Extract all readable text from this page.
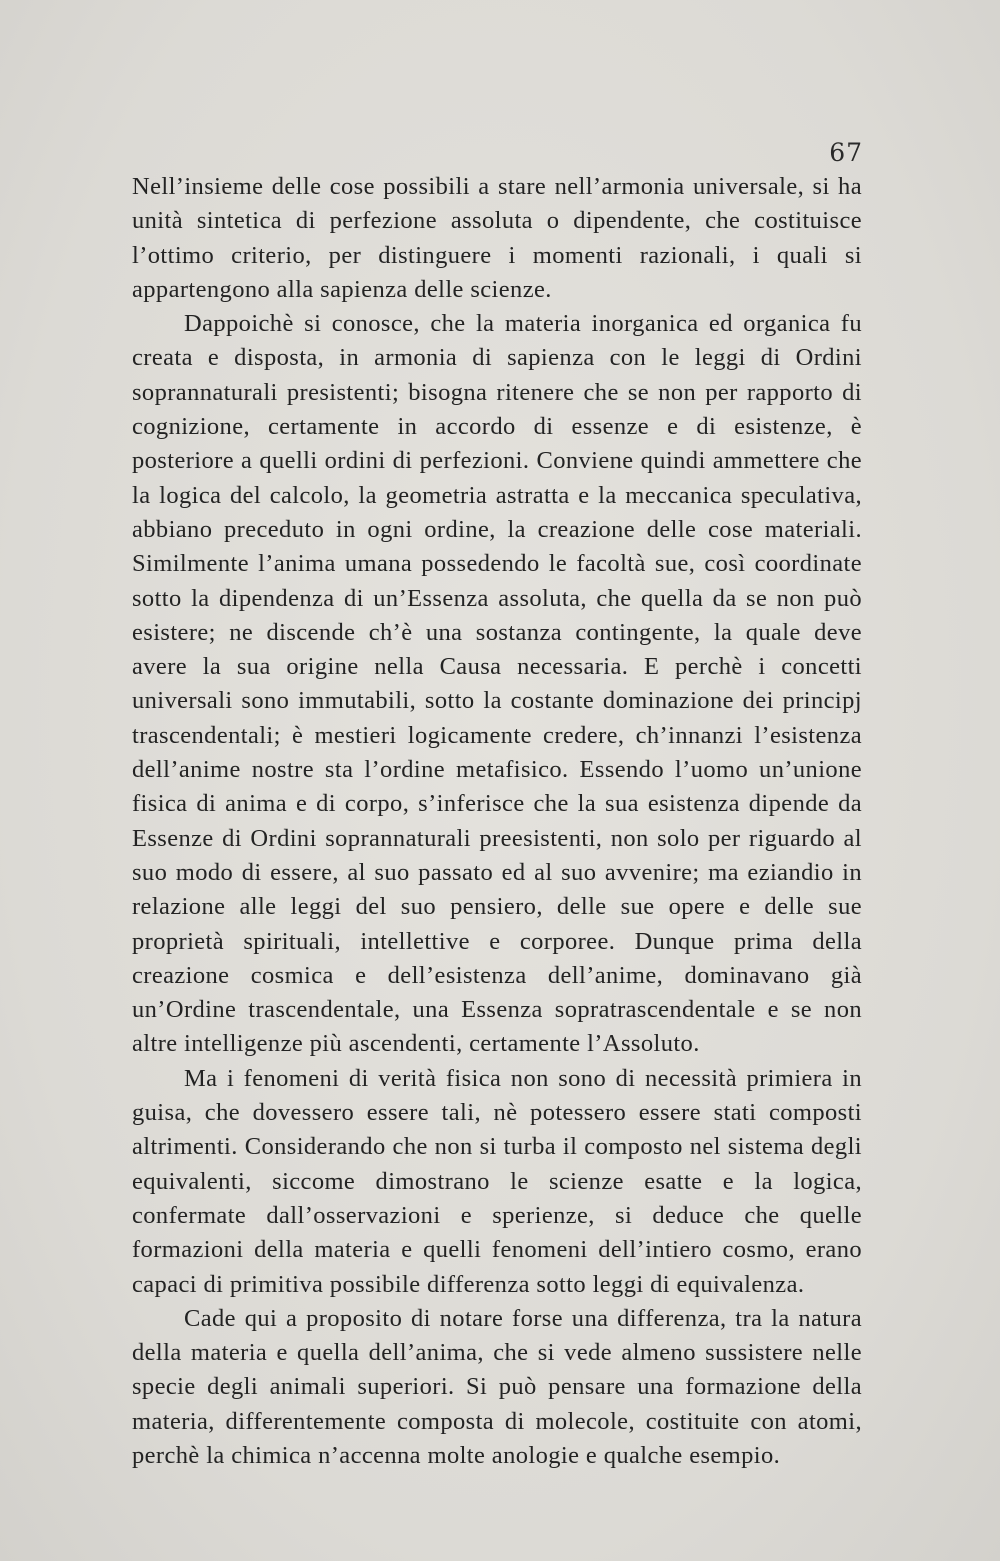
67

Nell’insieme delle cose possibili a stare nell’armonia universale, si ha unità sintetica di perfezione assoluta o dipendente, che costituisce l’ottimo criterio, per distinguere i momenti razionali, i quali si appartengono alla sapienza delle scienze.

Dappoichè si conosce, che la materia inorganica ed organica fu creata e disposta, in armonia di sapienza con le leggi di Ordini soprannaturali presistenti; bisogna ritenere che se non per rapporto di cognizione, certamente in accordo di essenze e di esistenze, è posteriore a quelli ordini di perfezioni. Conviene quindi ammettere che la logica del calcolo, la geometria astratta e la meccanica speculativa, abbiano preceduto in ogni ordine, la creazione delle cose materiali. Similmente l’anima umana possedendo le facoltà sue, così coordinate sotto la dipendenza di un’Essenza assoluta, che quella da se non può esistere; ne discende ch’è una sostanza contingente, la quale deve avere la sua origine nella Causa necessaria. E perchè i concetti universali sono immutabili, sotto la costante dominazione dei principj trascendentali; è mestieri logicamente credere, ch’innanzi l’esistenza dell’anime nostre sta l’ordine metafisico. Essendo l’uomo un’unione fisica di anima e di corpo, s’inferisce che la sua esistenza dipende da Essenze di Ordini soprannaturali preesistenti, non solo per riguardo al suo modo di essere, al suo passato ed al suo avvenire; ma eziandio in relazione alle leggi del suo pensiero, delle sue opere e delle sue proprietà spirituali, intellettive e corporee. Dunque prima della creazione cosmica e dell’esistenza dell’anime, dominavano già un’Ordine trascendentale, una Essenza sopratrascendentale e se non altre intelligenze più ascendenti, certamente l’Assoluto.

Ma i fenomeni di verità fisica non sono di necessità primiera in guisa, che dovessero essere tali, nè potessero essere stati composti altrimenti. Considerando che non si turba il composto nel sistema degli equivalenti, siccome dimostrano le scienze esatte e la logica, confermate dall’osservazioni e sperienze, si deduce che quelle formazioni della materia e quelli fenomeni dell’intiero cosmo, erano capaci di primitiva possibile differenza sotto leggi di equivalenza.

Cade qui a proposito di notare forse una differenza, tra la natura della materia e quella dell’anima, che si vede almeno sussistere nelle specie degli animali superiori. Si può pensare una formazione della materia, differentemente composta di molecole, costituite con atomi, perchè la chimica n’accenna molte anologie e qualche esempio.
